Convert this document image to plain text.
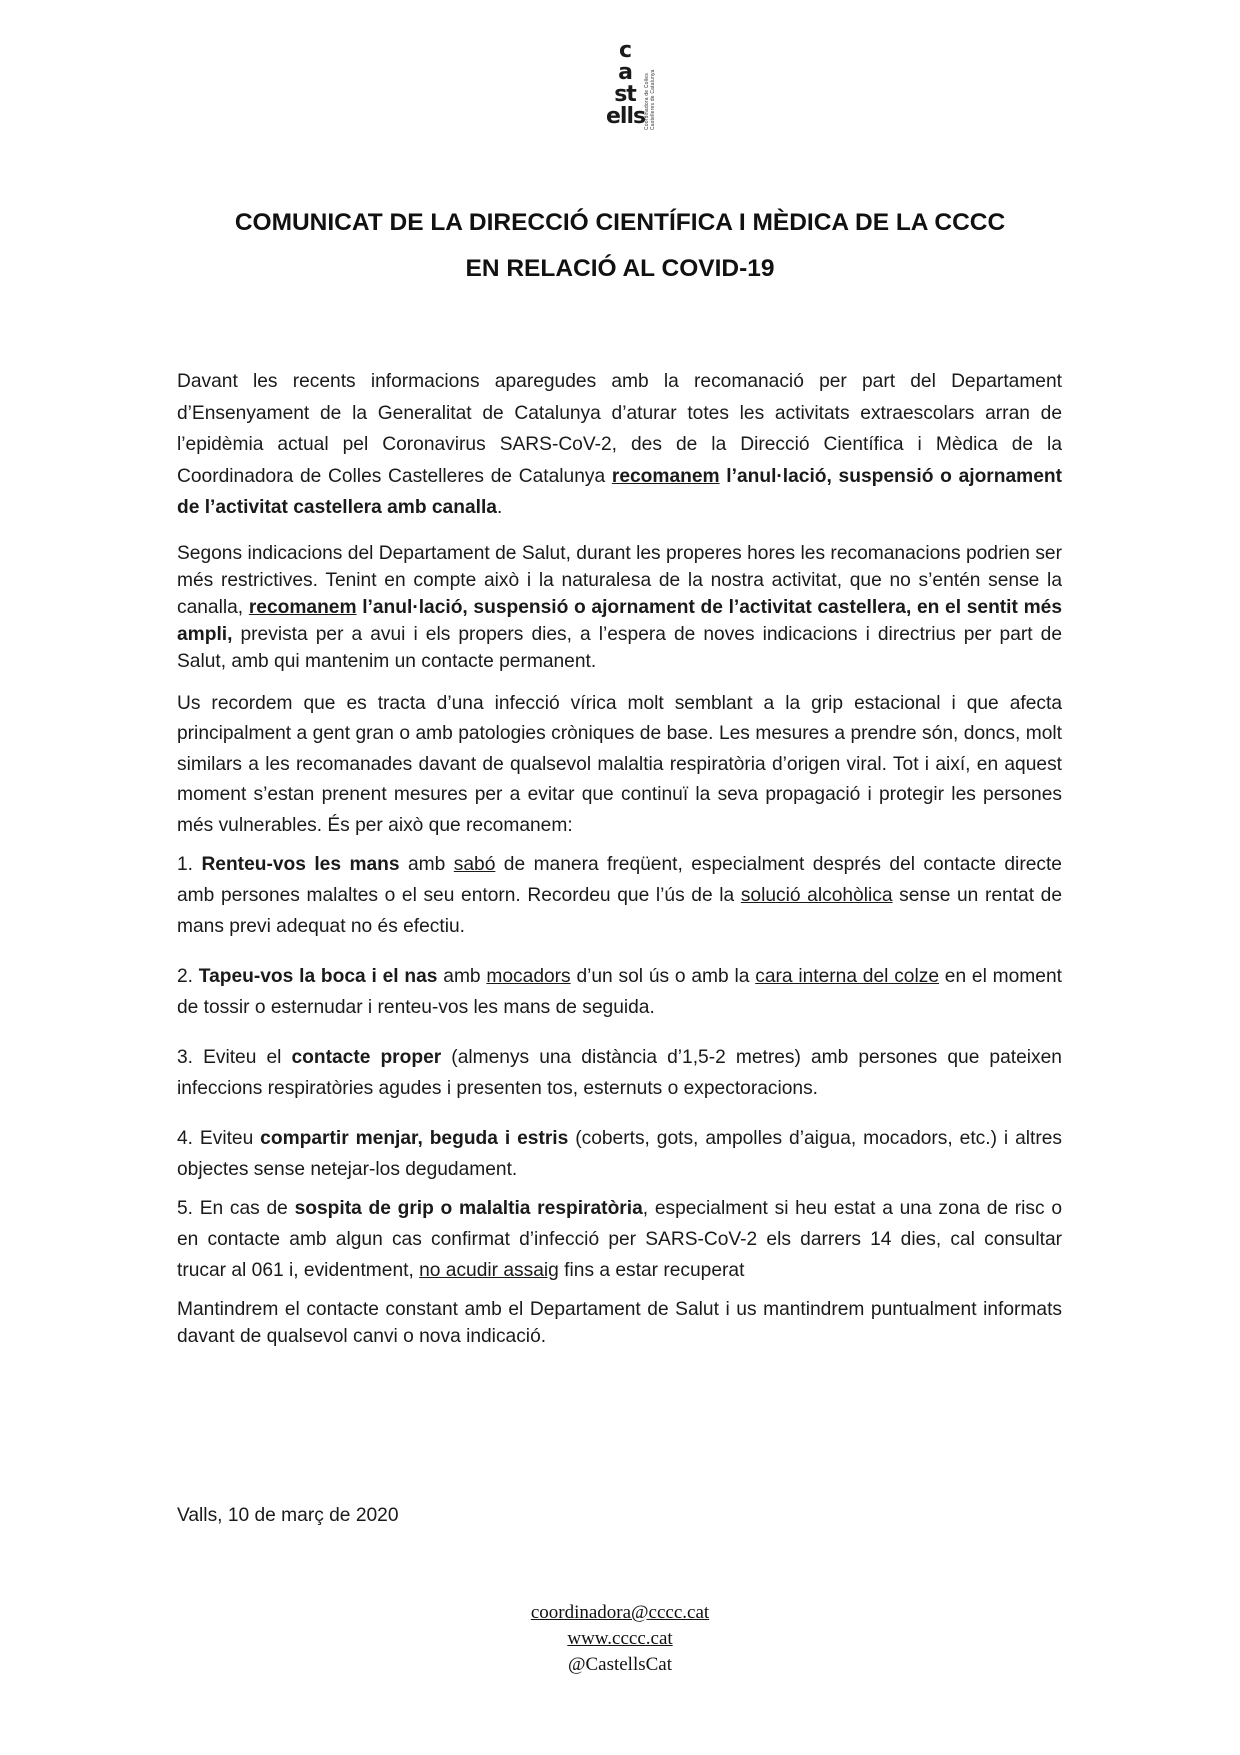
c
a
st
ells
Coordinadora de Colles Castelleres de Catalunya
COMUNICAT DE LA DIRECCIÓ CIENTÍFICA I MÈDICA DE LA CCCC
EN RELACIÓ AL COVID-19

Davant les recents informacions aparegudes amb la recomanació per part del Departament d’Ensenyament de la Generalitat de Catalunya d’aturar totes les activitats extraescolars arran de l’epidèmia actual pel Coronavirus SARS-CoV-2, des de la Direcció Científica i Mèdica de la Coordinadora de Colles Castelleres de Catalunya recomanem l’anul·lació, suspensió o ajornament de l’activitat castellera amb canalla.

Segons indicacions del Departament de Salut, durant les properes hores les recomanacions podrien ser més restrictives. Tenint en compte això i la naturalesa de la nostra activitat, que no s’entén sense la canalla, recomanem l’anul·lació, suspensió o ajornament de l’activitat castellera, en el sentit més ampli, prevista per a avui i els propers dies, a l’espera de noves indicacions i directrius per part de Salut, amb qui mantenim un contacte permanent.

Us recordem que es tracta d’una infecció vírica molt semblant a la grip estacional i que afecta principalment a gent gran o amb patologies cròniques de base. Les mesures a prendre són, doncs, molt similars a les recomanades davant de qualsevol malaltia respiratòria d’origen viral. Tot i així, en aquest moment s’estan prenent mesures per a evitar que continuï la seva propagació i protegir les persones més vulnerables. És per això que recomanem:

1. Renteu-vos les mans amb sabó de manera freqüent, especialment després del contacte directe amb persones malaltes o el seu entorn. Recordeu que l’ús de la solució alcohòlica sense un rentat de mans previ adequat no és efectiu.

2. Tapeu-vos la boca i el nas amb mocadors d’un sol ús o amb la cara interna del colze en el moment de tossir o esternudar i renteu-vos les mans de seguida.

3. Eviteu el contacte proper (almenys una distància d’1,5-2 metres) amb persones que pateixen infeccions respiratòries agudes i presenten tos, esternuts o expectoracions.

4. Eviteu compartir menjar, beguda i estris (coberts, gots, ampolles d’aigua, mocadors, etc.) i altres objectes sense netejar-los degudament.

5. En cas de sospita de grip o malaltia respiratòria, especialment si heu estat a una zona de risc o en contacte amb algun cas confirmat d’infecció per SARS-CoV-2 els darrers 14 dies, cal consultar trucar al 061 i, evidentment, no acudir assaig fins a estar recuperat

Mantindrem el contacte constant amb el Departament de Salut i us mantindrem puntualment informats davant de qualsevol canvi o nova indicació.

Valls, 10 de març de 2020
coordinadora@cccc.cat
www.cccc.cat
@CastellsCat
